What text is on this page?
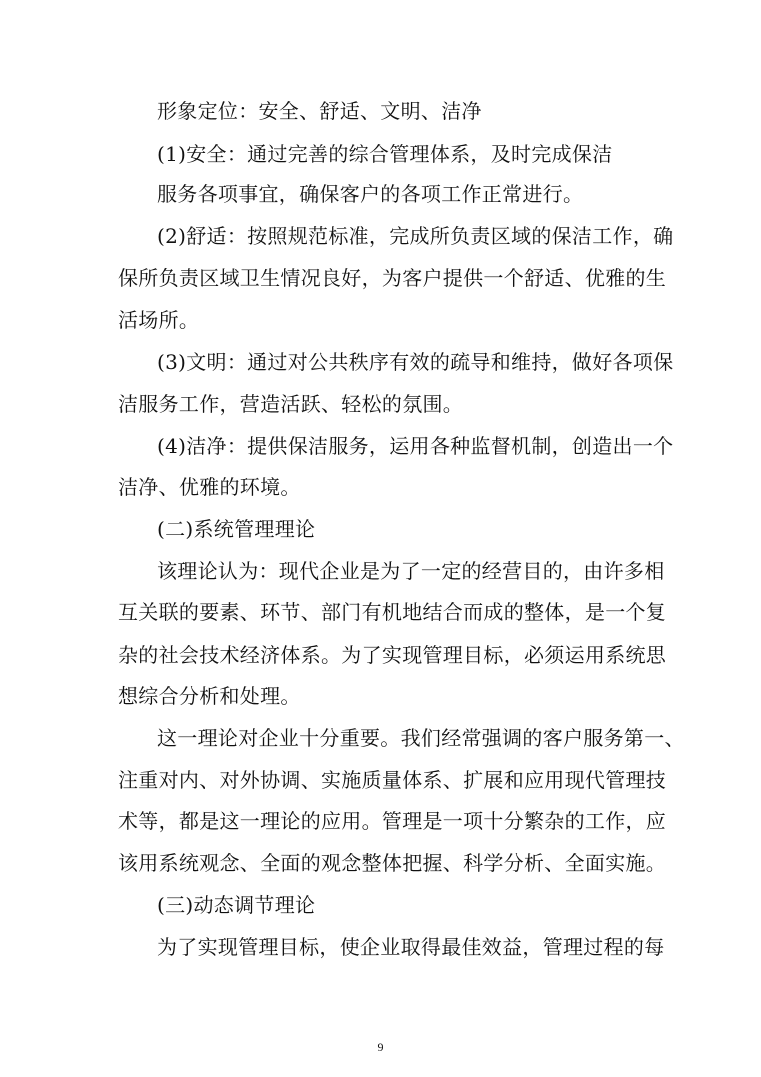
形象定位：安全、舒适、文明、洁净
(1)安全：通过完善的综合管理体系，及时完成保洁
服务各项事宜，确保客户的各项工作正常进行。
(2)舒适：按照规范标准，完成所负责区域的保洁工作，确
保所负责区域卫生情况良好，为客户提供一个舒适、优雅的生
活场所。
(3)文明：通过对公共秩序有效的疏导和维持，做好各项保
洁服务工作，营造活跃、轻松的氛围。
(4)洁净：提供保洁服务，运用各种监督机制，创造出一个
洁净、优雅的环境。
(二)系统管理理论
该理论认为：现代企业是为了一定的经营目的，由许多相
互关联的要素、环节、部门有机地结合而成的整体，是一个复
杂的社会技术经济体系。为了实现管理目标，必须运用系统思
想综合分析和处理。
这一理论对企业十分重要。我们经常强调的客户服务第一、
注重对内、对外协调、实施质量体系、扩展和应用现代管理技
术等，都是这一理论的应用。管理是一项十分繁杂的工作，应
该用系统观念、全面的观念整体把握、科学分析、全面实施。
(三)动态调节理论
为了实现管理目标，使企业取得最佳效益，管理过程的每
9
